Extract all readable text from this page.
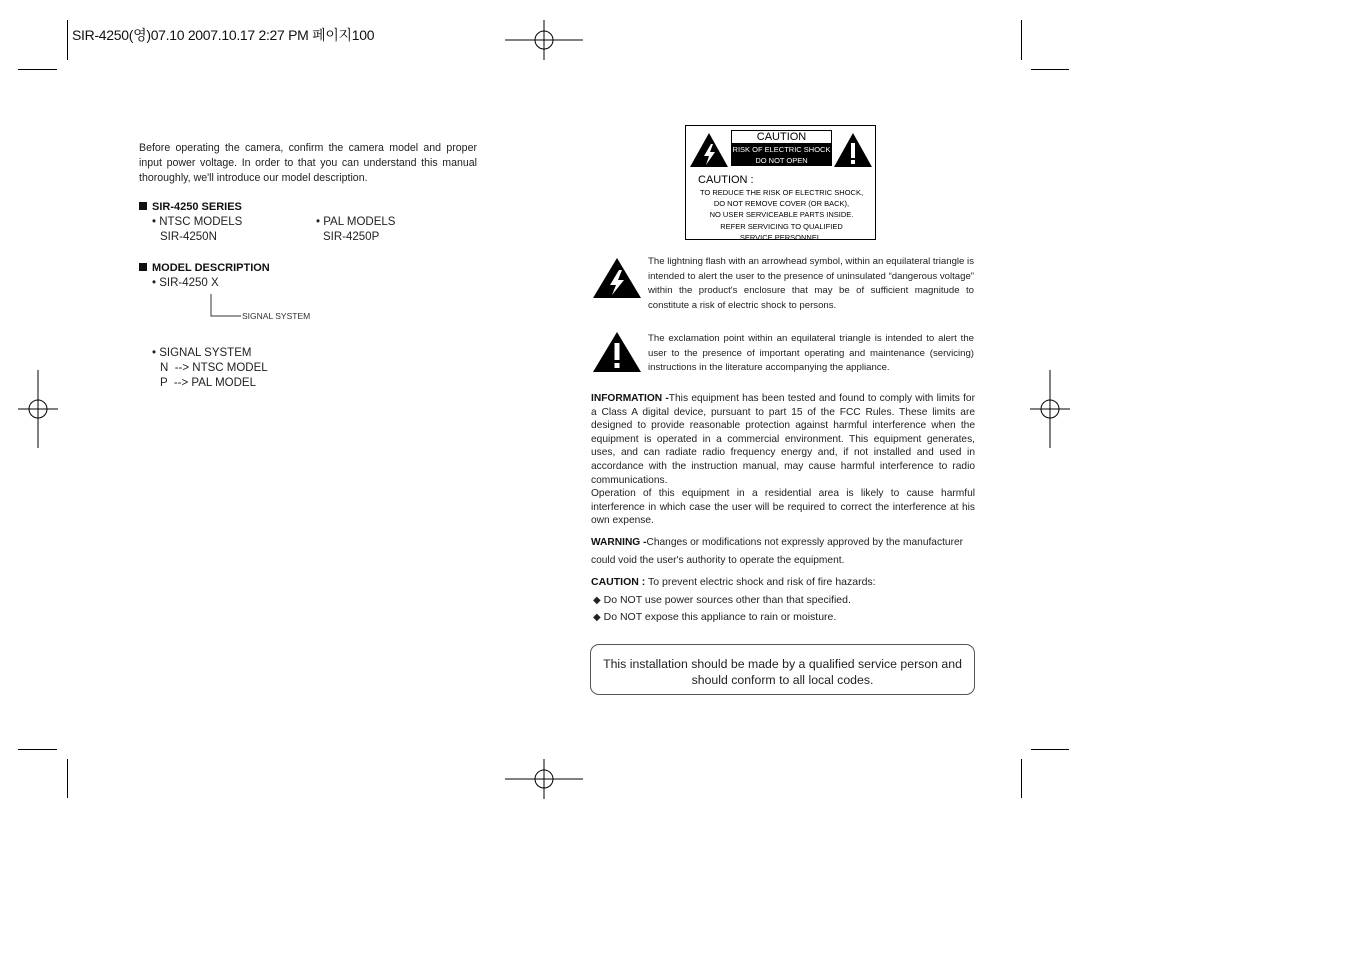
SIR-4250(영)07.10 2007.10.17 2:27 PM 페이지100
Before operating the camera, confirm the camera model and proper input power voltage. In order to that you can understand this manual thoroughly, we'll introduce our model description.
SIR-4250 SERIES
• NTSC MODELS
SIR-4250N
• PAL MODELS
SIR-4250P
MODEL DESCRIPTION
• SIR-4250 X
SIGNAL SYSTEM
• SIGNAL SYSTEM
N  --> NTSC MODEL
P  --> PAL MODEL
CAUTION
RISK OF ELECTRIC SHOCK
DO NOT OPEN
CAUTION :
TO REDUCE THE RISK OF ELECTRIC SHOCK,
DO NOT REMOVE COVER (OR BACK),
NO USER SERVICEABLE PARTS INSIDE.
REFER SERVICING TO QUALIFIED
SERVICE PERSONNEL.
The lightning flash with an arrowhead symbol, within an equilateral triangle is intended to alert the user to the presence of uninsulated “dangerous voltage” within the product's enclosure that may be of sufficient magnitude to constitute a risk of electric shock to persons.
The exclamation point within an equilateral triangle is intended to alert the user to the presence of important operating and maintenance (servicing) instructions in the literature accompanying the appliance.
INFORMATION -This equipment has been tested and found to comply with limits for a Class A digital device, pursuant to part 15 of the FCC Rules. These limits are designed to provide reasonable protection against harmful interference when the equipment is operated in a commercial environment. This equipment generates, uses, and can radiate radio frequency energy and, if not installed and used in accordance with the instruction manual, may cause harmful interference to radio communications.
Operation of this equipment in a residential area is likely to cause harmful interference in which case the user will be required to correct the interference at his own expense.
WARNING -Changes or modifications not expressly approved by the manufacturer
could void the user's authority to operate the equipment.
CAUTION : To prevent electric shock and risk of fire hazards:
◆ Do NOT use power sources other than that specified.
◆ Do NOT expose this appliance to rain or moisture.
This installation should be made by a qualified service person and should conform to all local codes.
